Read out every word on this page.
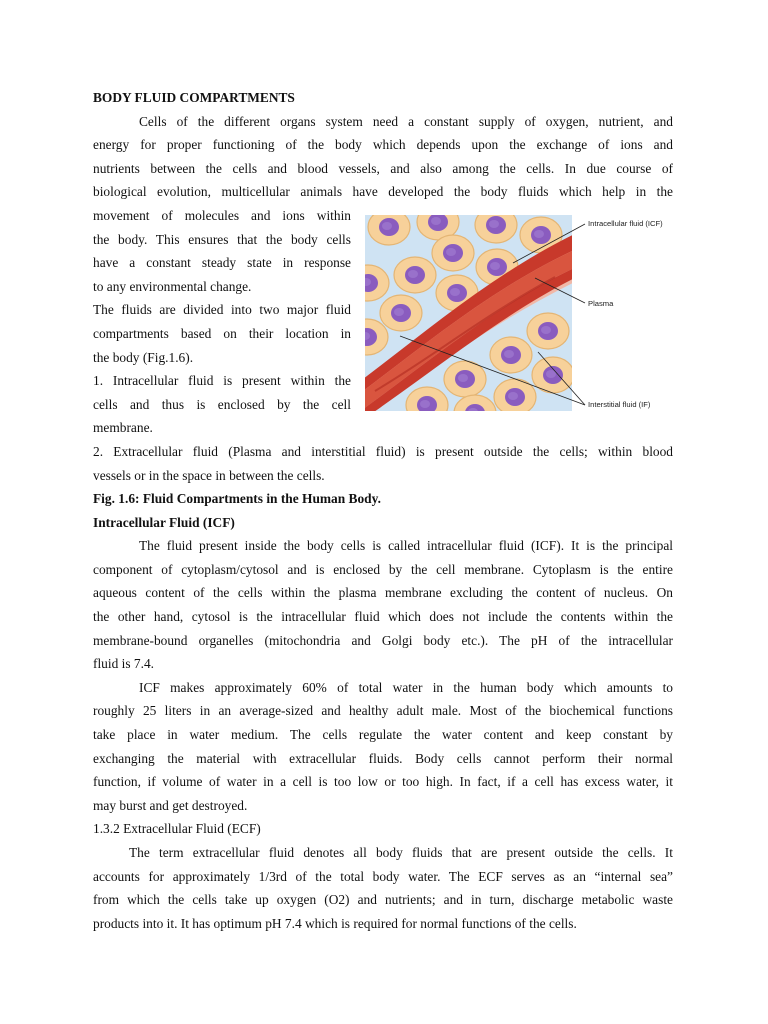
BODY FLUID COMPARTMENTS
Cells of the different organs system need a constant supply of oxygen, nutrient, and
energy for proper functioning of the body which depends upon the exchange of ions and
nutrients between the cells and blood vessels, and also among the cells. In due course of
biological evolution, multicellular animals have developed the body fluids which help in the
movement of molecules and ions within
the body. This ensures that the body cells
have a constant steady state in response
to any environmental change.
The fluids are divided into two major fluid
compartments based on their location in
the body (Fig.1.6).
1. Intracellular fluid is present within the
cells and thus is enclosed by the cell
membrane.
2. Extracellular fluid (Plasma and interstitial fluid) is present outside the cells; within blood
vessels or in the space in between the cells.
Fig. 1.6: Fluid Compartments in the Human Body.
Intracellular Fluid (ICF)
The fluid present inside the body cells is called intracellular fluid (ICF). It is the principal
component of cytoplasm/cytosol and is enclosed by the cell membrane. Cytoplasm is the entire
aqueous content of the cells within the plasma membrane excluding the content of nucleus. On
the other hand, cytosol is the intracellular fluid which does not include the contents within the
membrane-bound organelles (mitochondria and Golgi body etc.). The pH of the intracellular
fluid is 7.4.
ICF makes approximately 60% of total water in the human body which amounts to
roughly 25 liters in an average-sized and healthy adult male. Most of the biochemical functions
take place in water medium. The cells regulate the water content and keep constant by
exchanging the material with extracellular fluids. Body cells cannot perform their normal
function, if volume of water in a cell is too low or too high. In fact, if a cell has excess water, it
may burst and get destroyed.
1.3.2 Extracellular Fluid (ECF)
The term extracellular fluid denotes all body fluids that are present outside the cells. It
accounts for approximately 1/3rd of the total body water. The ECF serves as an “internal sea”
from which the cells take up oxygen (O2) and nutrients; and in turn, discharge metabolic waste
products into it. It has optimum pH 7.4 which is required for normal functions of the cells.
Intracellular fluid (ICF)
Plasma
Interstitial fluid (IF)
